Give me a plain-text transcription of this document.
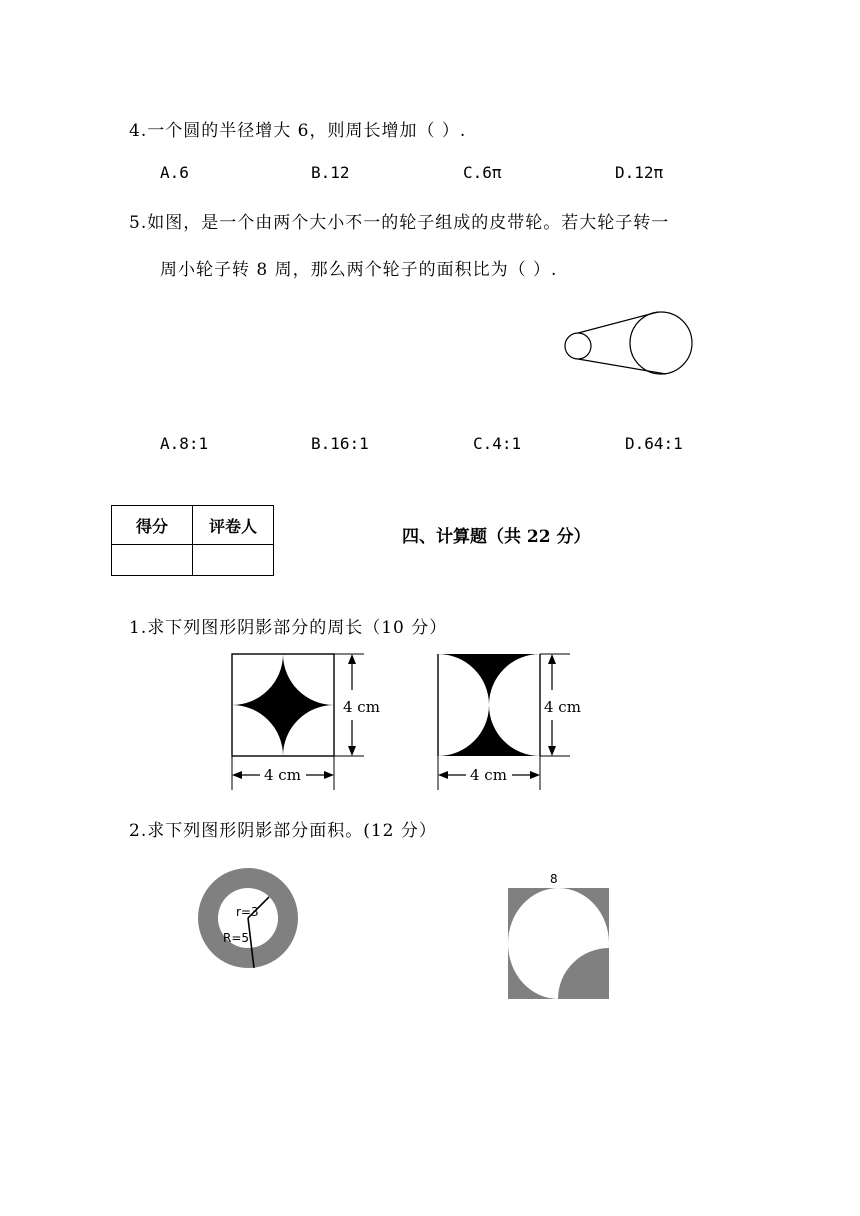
4.一个圆的半径增大 6，则周长增加（ ）.
A.6	B.12	C.6π	D.12π
5.如图，是一个由两个大小不一的轮子组成的皮带轮。若大轮子转一
周小轮子转 8 周，那么两个轮子的面积比为（ ）.
A.8:1	B.16:1	C.4:1	D.64:1
得分	评卷人

四、计算题（共 22 分）
1.求下列图形阴影部分的周长（10 分）
4 cm
4 cm
4 cm
4 cm
2.求下列图形阴影部分面积。(12 分）
r=3
R=5
8
